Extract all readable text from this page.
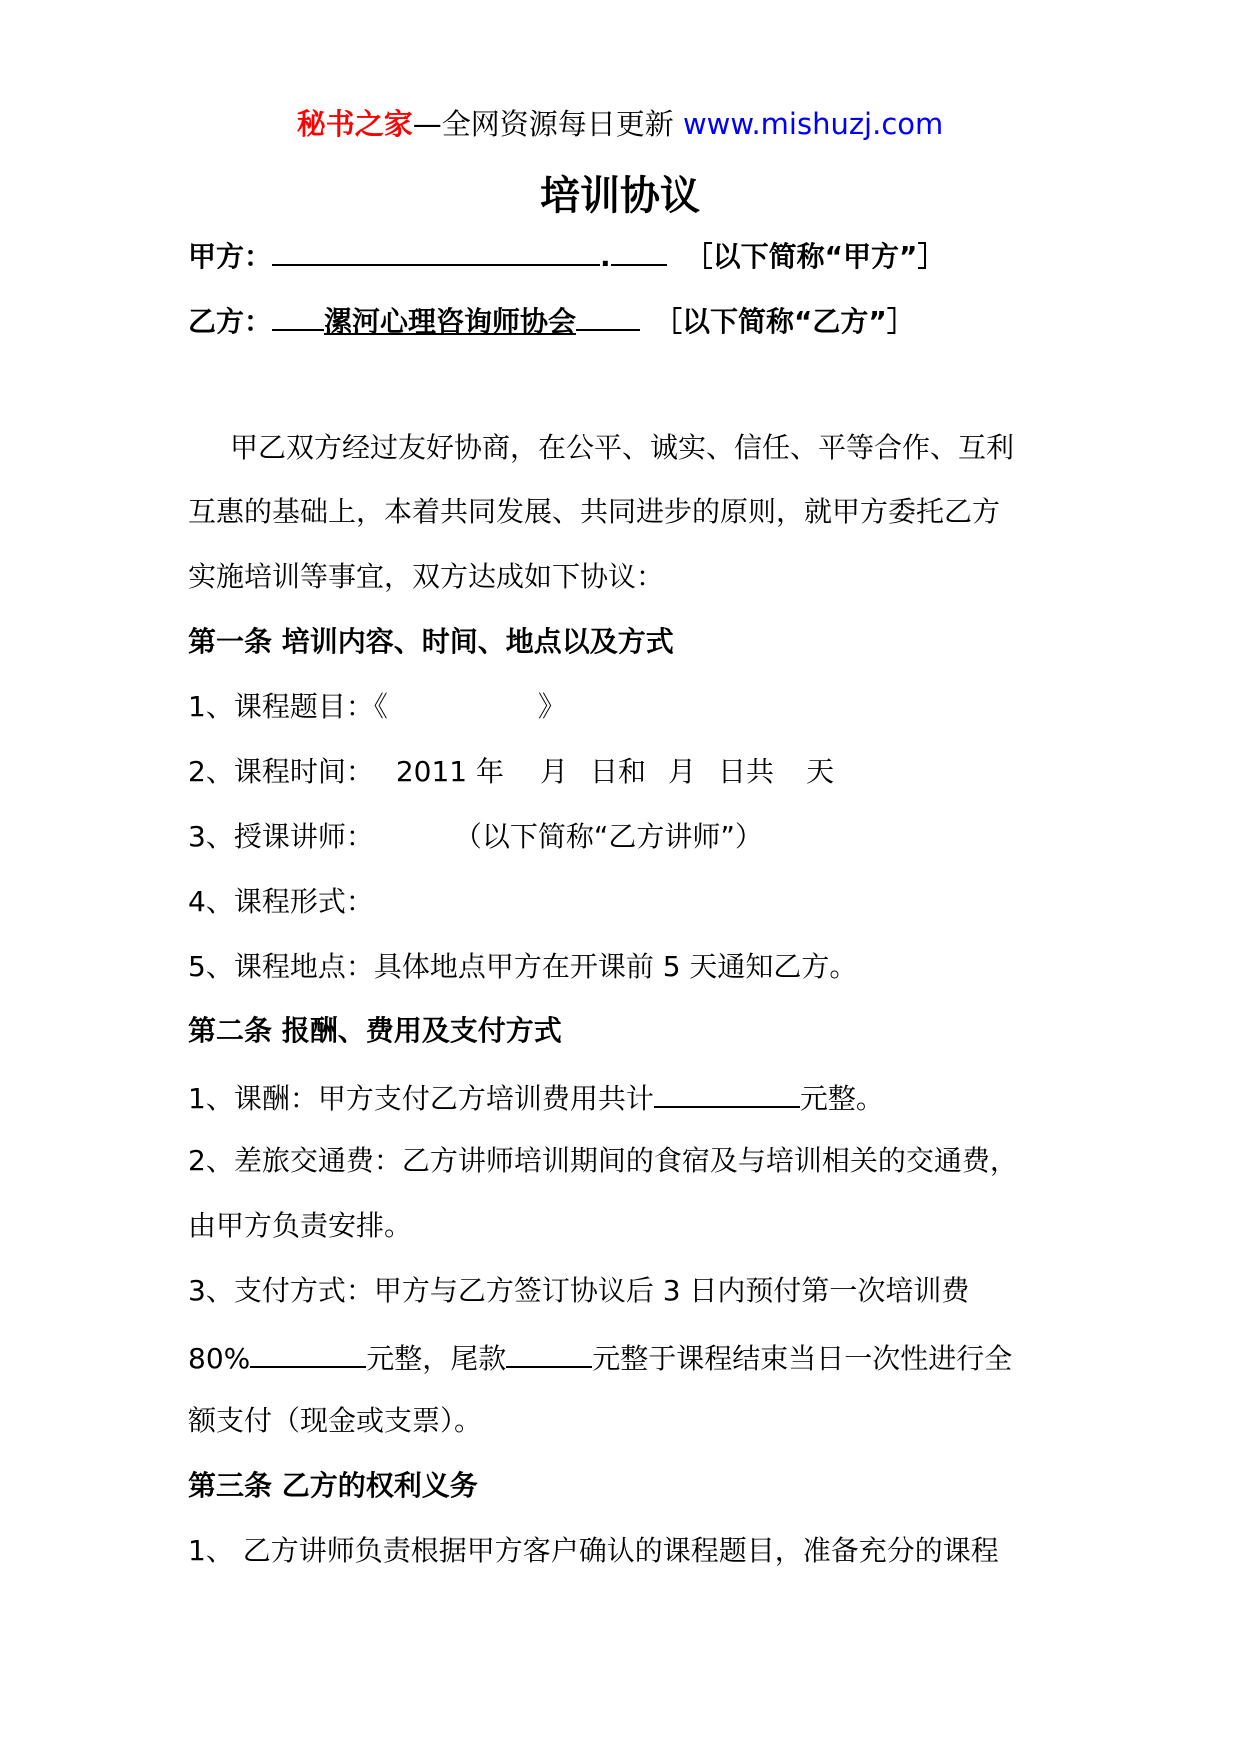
秘书之家—全网资源每日更新 www.mishuzj.com
培训协议
甲方：	.	［以下简称“甲方”］
乙方： 漯河心理咨询师协会	［以下简称“乙方”］
甲乙双方经过友好协商，在公平、诚实、信任、平等合作、互利
互惠的基础上，本着共同发展、共同进步的原则，就甲方委托乙方
实施培训等事宜，双方达成如下协议：
第一条 培训内容、时间、地点以及方式
1、课程题目：《	》
2、课程时间： 2011 年 月 日和 月 日共 天
3、授课讲师：	（以下简称“乙方讲师”）
4、课程形式：
5、课程地点：具体地点甲方在开课前 5 天通知乙方。
第二条 报酬、费用及支付方式
1、课酬：甲方支付乙方培训费用共计	元整。
2、差旅交通费：乙方讲师培训期间的食宿及与培训相关的交通费，
由甲方负责安排。
3、支付方式：甲方与乙方签订协议后 3 日内预付第一次培训费
80%	元整，尾款	元整于课程结束当日一次性进行全
额支付（现金或支票）。
第三条 乙方的权利义务
1、 乙方讲师负责根据甲方客户确认的课程题目，准备充分的课程
